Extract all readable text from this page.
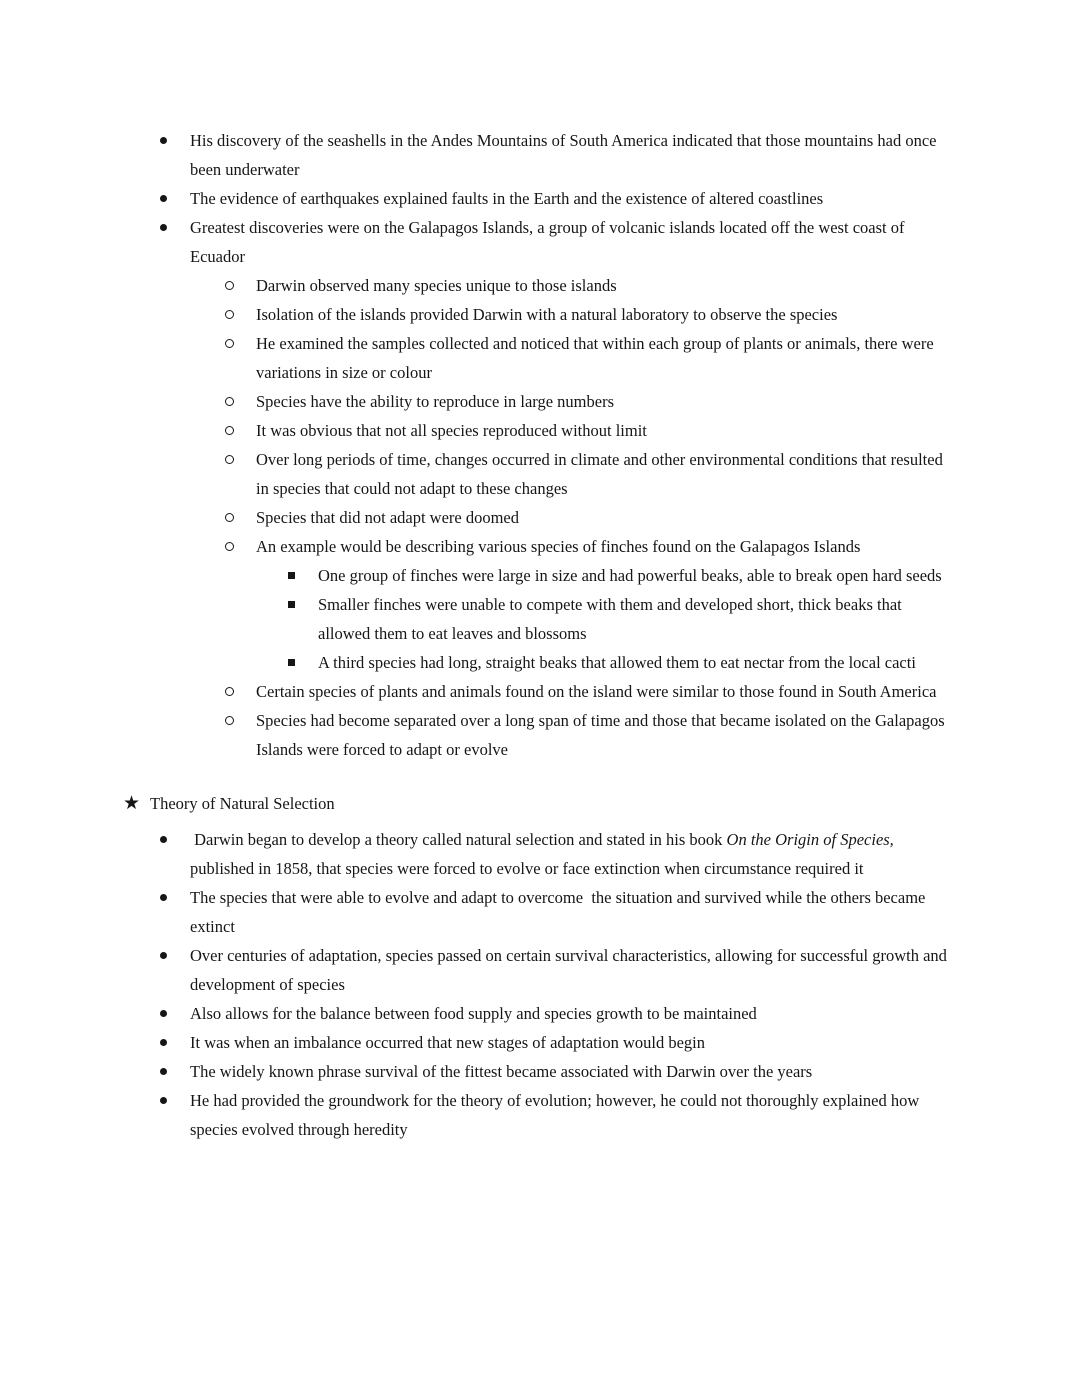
His discovery of the seashells in the Andes Mountains of South America indicated that those mountains had once been underwater
The evidence of earthquakes explained faults in the Earth and the existence of altered coastlines
Greatest discoveries were on the Galapagos Islands, a group of volcanic islands located off the west coast of Ecuador
Darwin observed many species unique to those islands
Isolation of the islands provided Darwin with a natural laboratory to observe the species
He examined the samples collected and noticed that within each group of plants or animals, there were variations in size or colour
Species have the ability to reproduce in large numbers
It was obvious that not all species reproduced without limit
Over long periods of time, changes occurred in climate and other environmental conditions that resulted in species that could not adapt to these changes
Species that did not adapt were doomed
An example would be describing various species of finches found on the Galapagos Islands
One group of finches were large in size and had powerful beaks, able to break open hard seeds
Smaller finches were unable to compete with them and developed short, thick beaks that allowed them to eat leaves and blossoms
A third species had long, straight beaks that allowed them to eat nectar from the local cacti
Certain species of plants and animals found on the island were similar to those found in South America
Species had become separated over a long span of time and those that became isolated on the Galapagos Islands were forced to adapt or evolve
★ Theory of Natural Selection
Darwin began to develop a theory called natural selection and stated in his book On the Origin of Species, published in 1858, that species were forced to evolve or face extinction when circumstance required it
The species that were able to evolve and adapt to overcome  the situation and survived while the others became extinct
Over centuries of adaptation, species passed on certain survival characteristics, allowing for successful growth and development of species
Also allows for the balance between food supply and species growth to be maintained
It was when an imbalance occurred that new stages of adaptation would begin
The widely known phrase survival of the fittest became associated with Darwin over the years
He had provided the groundwork for the theory of evolution; however, he could not thoroughly explained how species evolved through heredity
